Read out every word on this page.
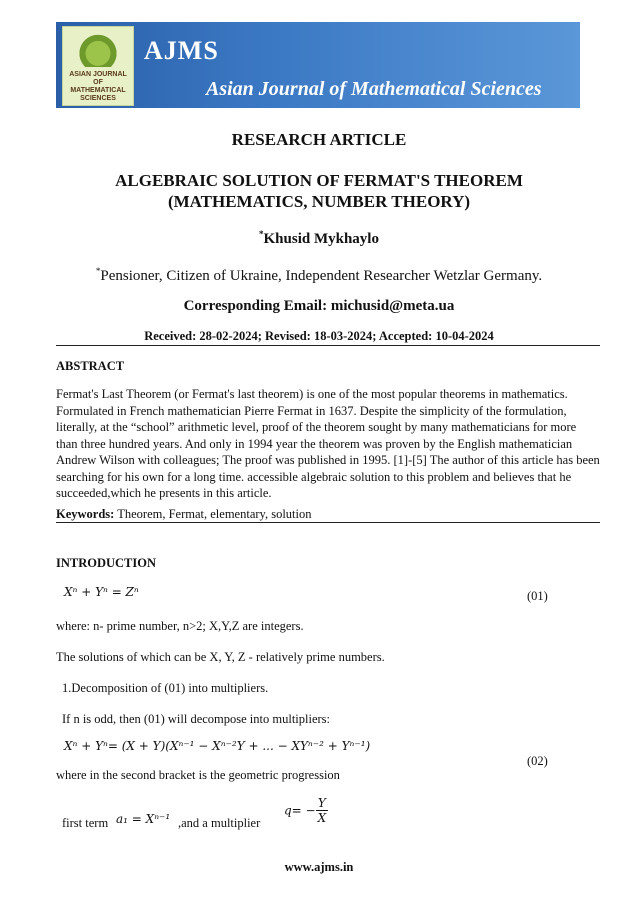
ASIAN JOURNAL OF MATHEMATICAL SCIENCES
AJMS
Asian Journal of Mathematical Sciences
RESEARCH ARTICLE
ALGEBRAIC SOLUTION OF FERMAT'S THEOREM
(MATHEMATICS, NUMBER THEORY)
*Khusid Mykhaylo
*Pensioner, Citizen of Ukraine, Independent Researcher Wetzlar Germany.
Corresponding Email: michusid@meta.ua
Received: 28-02-2024; Revised: 18-03-2024; Accepted: 10-04-2024
ABSTRACT
Fermat's Last Theorem (or Fermat's last theorem) is one of the most popular theorems in mathematics. Formulated in French mathematician Pierre Fermat in 1637. Despite the simplicity of the formulation, literally, at the “school” arithmetic level, proof of the theorem sought by many mathematicians for more than three hundred years. And only in 1994 year the theorem was proven by the English mathematician Andrew Wilson with colleagues; The proof was published in 1995. [1]-[5] The author of this article has been searching for his own for a long time. accessible algebraic solution to this problem and believes that he succeeded,which he presents in this article.
Keywords: Theorem, Fermat, elementary, solution
INTRODUCTION
Xⁿ + Yⁿ = Zⁿ	(01)
where: n- prime number, n>2; X,Y,Z are integers.
The solutions of which can be X, Y, Z - relatively prime numbers.
1.Decomposition of (01) into multipliers.
If n is odd, then (01) will decompose into multipliers:
Xⁿ + Yⁿ= (X + Y)(Xⁿ⁻¹ − Xⁿ⁻²Y + ... − XYⁿ⁻² + Yⁿ⁻¹)
(02)
where in the second bracket is the geometric progression
first term a₁ = Xⁿ⁻¹ ,and a multiplier
$q= - \frac{Y}{X}$
www.ajms.in
